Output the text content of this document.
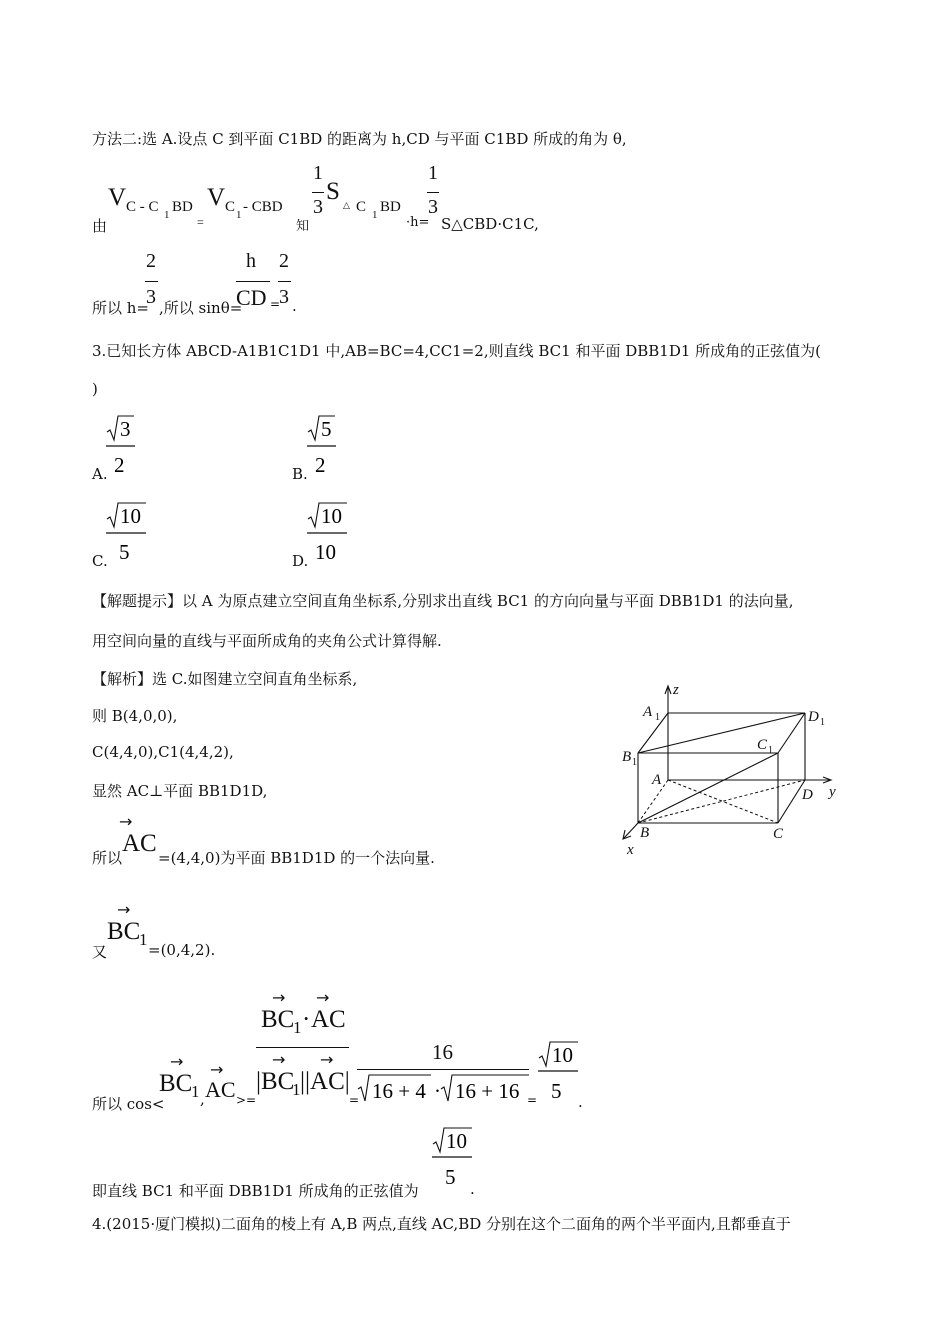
方法二:选 A.设点 C 到平面 C1BD 的距离为 h,CD 与平面 C1BD 所成的角为 θ,
由
V C - C 1 BD
=
V C 1 - CBD
知
1
3
S
△ C 1 BD
·h=
1
3
S△CBD·C1C,
所以 h=
2
3 ,所以 sinθ=
h
CD =
2
3 .
3.已知长方体 ABCD-A1B1C1D1 中,AB=BC=4,CC1=2,则直线 BC1 和平面 DBB1D1 所成角的正弦值为(
)
A.
3
2	B.
5
2
C.
10
5	D.
10
10
【解题提示】以 A 为原点建立空间直角坐标系,分别求出直线 BC1 的方向向量与平面 DBB1D1 的法向量,
用空间向量的直线与平面所成角的夹角公式计算得解.
【解析】选 C.如图建立空间直角坐标系,
则 B(4,0,0),
C(4,4,0),C1(4,4,2),
显然 AC⊥平面 BB1D1D,
所以
→
AC
=(4,4,0)为平面 BB1D1D 的一个法向量.
又
→
BC
1
=(0,4,2).
所以 cos<
→
BC
1 ,
→
AC >=
→
BC
1 ·
→
AC
→
|BC
1
→
||AC|
=
16
16 + 4 · 16 + 16 =
10
5 .
即直线 BC1 和平面 DBB1D1 所成角的正弦值为
10
5 .
4.(2015·厦门模拟)二面角的棱上有 A,B 两点,直线 AC,BD 分别在这个二面角的两个半平面内,且都垂直于
z
y
x
A 1	D 1
C 1
B 1
A
D
B	C
